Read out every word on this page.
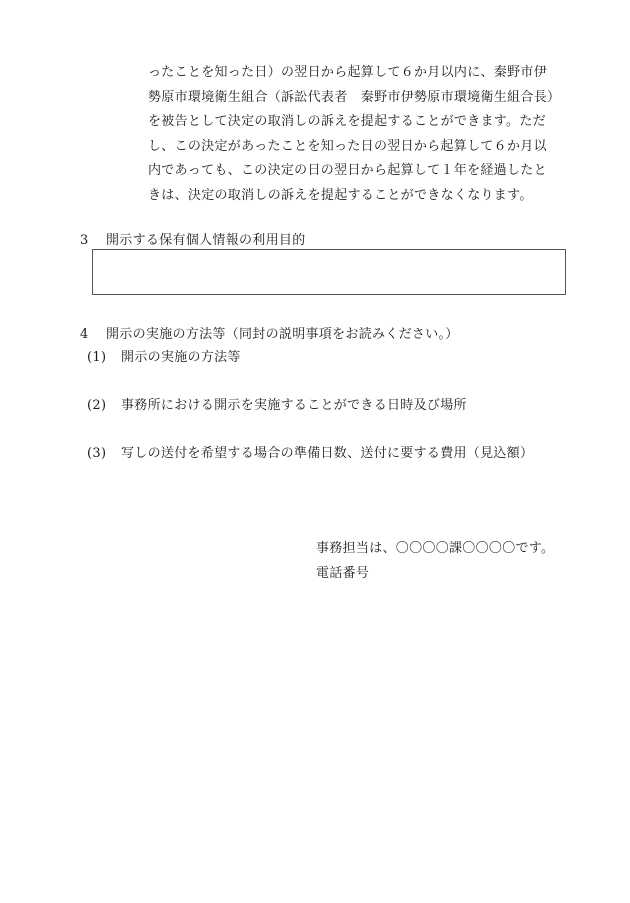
ったことを知った日）の翌日から起算して６か月以内に、秦野市伊
勢原市環境衛生組合（訴訟代表者　秦野市伊勢原市環境衛生組合長）
を被告として決定の取消しの訴えを提起することができます。ただ
し、この決定があったことを知った日の翌日から起算して６か月以
内であっても、この決定の日の翌日から起算して１年を経過したと
きは、決定の取消しの訴えを提起することができなくなります。
3 開示する保有個人情報の利用目的
4 開示の実施の方法等（同封の説明事項をお読みください。）
(1) 開示の実施の方法等
(2) 事務所における開示を実施することができる日時及び場所
(3) 写しの送付を希望する場合の準備日数、送付に要する費用（見込額）
事務担当は、〇〇〇〇課〇〇〇〇です。
電話番号
